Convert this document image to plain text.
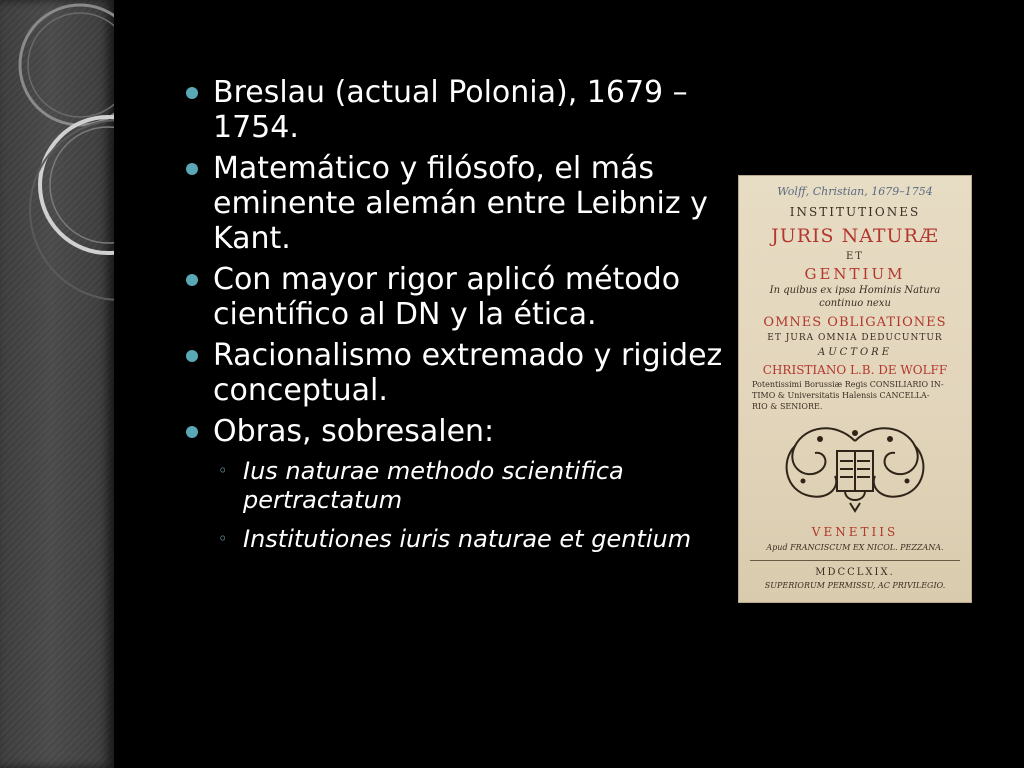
Breslau (actual Polonia), 1679 – 1754.
Matemático y filósofo, el más eminente alemán entre Leibniz y Kant.
Con mayor rigor aplicó método científico al DN y la ética.
Racionalismo extremado y rigidez conceptual.
Obras, sobresalen:
◦ Ius naturae methodo scientifica pertractatum
◦ Institutiones iuris naturae et gentium
Wolff, Christian, 1679–1754
INSTITUTIONES
JURIS NATURÆ
ET
GENTIUM
In quibus ex ipsa Hominis Natura
continuo nexu
OMNES OBLIGATIONES
ET JURA OMNIA DEDUCUNTUR
AUCTORE
CHRISTIANO L.B. DE WOLFF
Potentissimi Borussiæ Regis CONSILIARIO IN-
TIMO & Universitatis Halensis CANCELLA-
RIO & SENIORE.
VENETIIS
Apud FRANCISCUM EX NICOL. PEZZANA.
MDCCLXIX.
SUPERIORUM PERMISSU, AC PRIVILEGIO.
